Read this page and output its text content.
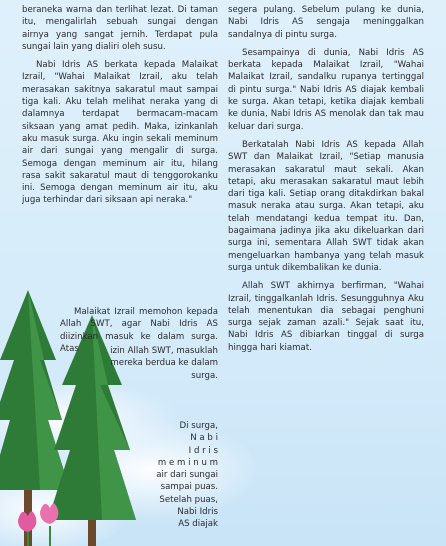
beraneka warna dan terlihat lezat. Di taman itu, mengalirlah sebuah sungai dengan airnya yang sangat jernih. Terdapat pula sungai lain yang dialiri oleh susu.

Nabi Idris AS berkata kepada Malaikat Izrail, "Wahai Malaikat Izrail, aku telah merasakan sakitnya sakaratul maut sampai tiga kali. Aku telah melihat neraka yang di dalamnya terdapat bermacam-macam siksaan yang amat pedih. Maka, izinkanlah aku masuk surga. Aku ingin sekali meminum air dari sungai yang mengalir di surga. Semoga dengan meminum air itu, hilang rasa sakit sakaratul maut di tenggorokanku ini. Semoga dengan meminum air itu, aku juga terhindar dari siksaan api neraka."

Malaikat Izrail memohon kepada Allah SWT, agar Nabi Idris AS diizinkan masuk ke dalam surga. Atas	izin Allah SWT, masuklah mereka berdua ke dalam surga.
Di surga,
N a b i
I d r i s
m e m i n u m
air dari sungai
sampai puas.
Setelah puas,
Nabi Idris
AS diajak

segera pulang. Sebelum pulang ke dunia, Nabi Idris AS sengaja meninggalkan sandalnya di pintu surga.

Sesampainya di dunia, Nabi Idris AS berkata kepada Malaikat Izrail, "Wahai Malaikat Izrail, sandalku rupanya tertinggal di pintu surga." Nabi Idris AS diajak kembali ke surga. Akan tetapi, ketika diajak kembali ke dunia, Nabi Idris AS menolak dan tak mau keluar dari surga.

Berkatalah Nabi Idris AS kepada Allah SWT dan Malaikat Izrail, "Setiap manusia merasakan sakaratul maut sekali. Akan tetapi, aku merasakan sakaratul maut lebih dari tiga kali. Setiap orang ditakdirkan bakal masuk neraka atau surga. Akan tetapi, aku telah mendatangi kedua tempat itu. Dan, bagaimana jadinya jika aku dikeluarkan dari surga ini, sementara Allah SWT tidak akan mengeluarkan hambanya yang telah masuk surga untuk dikembalikan ke dunia.

Allah SWT akhirnya berfirman, "Wahai Izrail, tinggalkanlah Idris. Sesungguhnya Aku telah menentukan dia sebagai penghuni surga sejak zaman azali." Sejak saat itu, Nabi Idris AS dibiarkan tinggal di surga hingga hari kiamat.
